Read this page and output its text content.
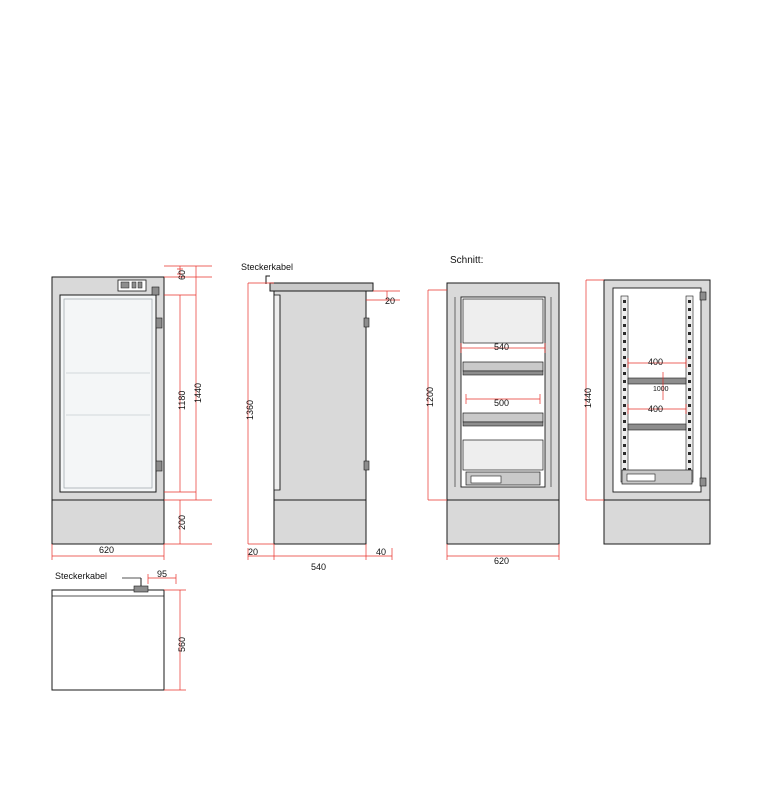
Schnitt:
Steckerkabel
Steckerkabel
60
1180 1440
200
620
20
1360
20
540
40
1200
540
500
620
400
1000
400
1440
95
560
